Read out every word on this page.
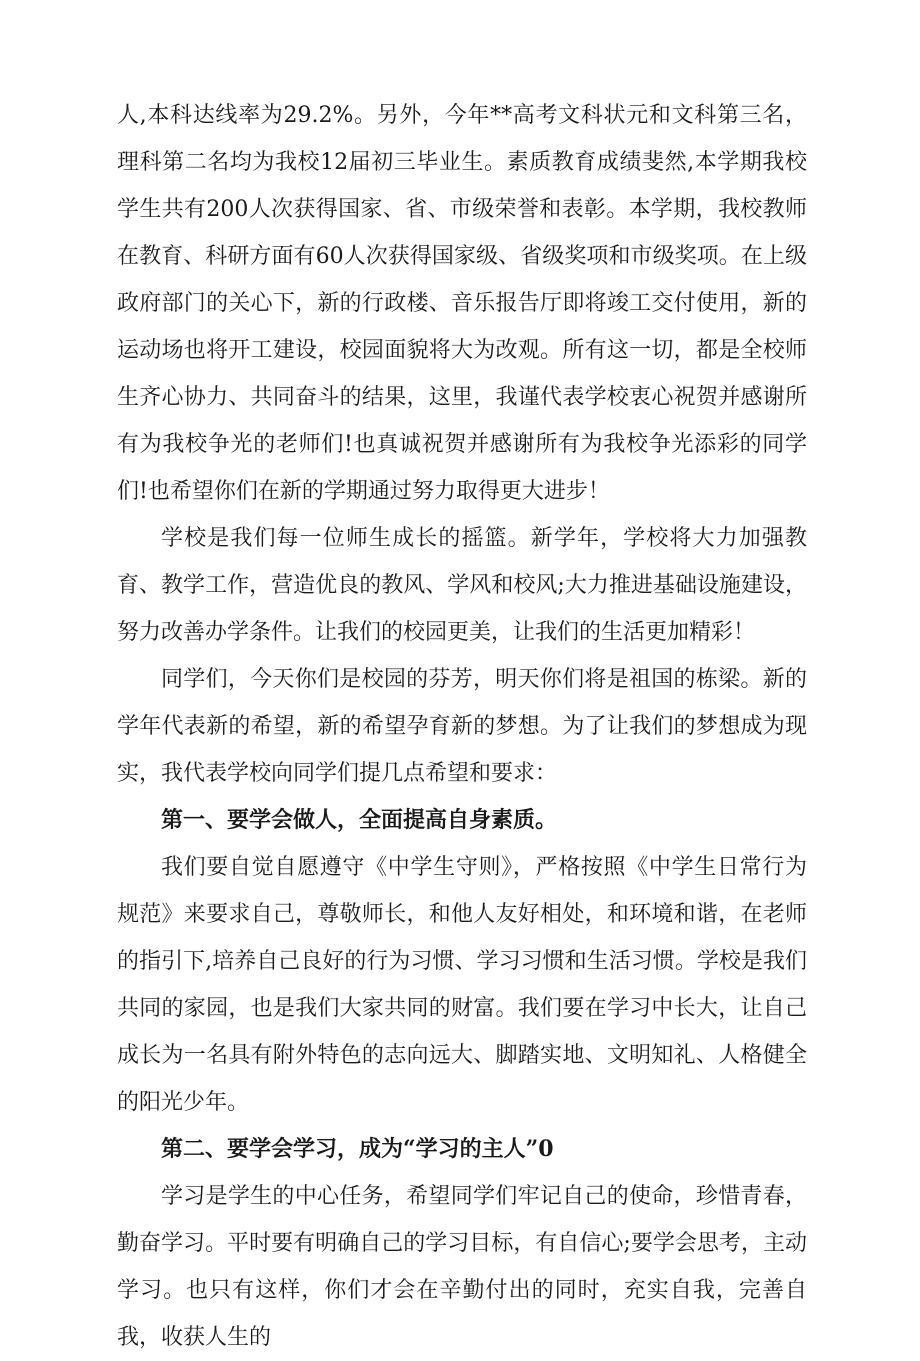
人,本科达线率为29.2%。另外，今年**高考文科状元和文科第三名，理科第二名均为我校12届初三毕业生。素质教育成绩斐然,本学期我校学生共有200人次获得国家、省、市级荣誉和表彰。本学期，我校教师在教育、科研方面有60人次获得国家级、省级奖项和市级奖项。在上级政府部门的关心下，新的行政楼、音乐报告厅即将竣工交付使用，新的运动场也将开工建设，校园面貌将大为改观。所有这一切，都是全校师生齐心协力、共同奋斗的结果，这里，我谨代表学校衷心祝贺并感谢所有为我校争光的老师们!也真诚祝贺并感谢所有为我校争光添彩的同学们!也希望你们在新的学期通过努力取得更大进步！

学校是我们每一位师生成长的摇篮。新学年，学校将大力加强教育、教学工作，营造优良的教风、学风和校风;大力推进基础设施建设，努力改善办学条件。让我们的校园更美，让我们的生活更加精彩！

同学们，今天你们是校园的芬芳，明天你们将是祖国的栋梁。新的学年代表新的希望，新的希望孕育新的梦想。为了让我们的梦想成为现实，我代表学校向同学们提几点希望和要求：

第一、要学会做人，全面提高自身素质。

我们要自觉自愿遵守《中学生守则》，严格按照《中学生日常行为规范》来要求自己，尊敬师长，和他人友好相处，和环境和谐，在老师的指引下,培养自己良好的行为习惯、学习习惯和生活习惯。学校是我们共同的家园，也是我们大家共同的财富。我们要在学习中长大，让自己成长为一名具有附外特色的志向远大、脚踏实地、文明知礼、人格健全的阳光少年。

第二、要学会学习，成为“学习的主人”0

学习是学生的中心任务，希望同学们牢记自己的使命，珍惜青春，勤奋学习。平时要有明确自己的学习目标，有自信心;要学会思考，主动学习。也只有这样，你们才会在辛勤付出的同时，充实自我，完善自我，收获人生的
